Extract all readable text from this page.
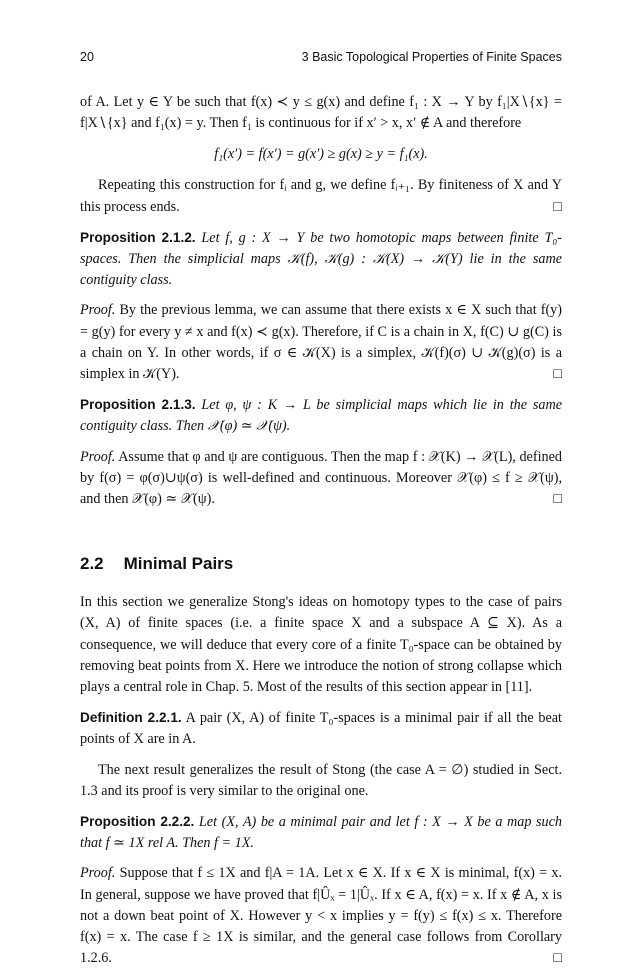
20	3 Basic Topological Properties of Finite Spaces

of A. Let y ∈ Y be such that f(x) ≺ y ≤ g(x) and define f₁ : X → Y by f₁|X∖{x} = f|X∖{x} and f₁(x) = y. Then f₁ is continuous for if x′ > x, x′ ∉ A and therefore

f₁(x′) = f(x′) = g(x′) ≥ g(x) ≥ y = f₁(x).

Repeating this construction for fᵢ and g, we define fᵢ₊₁. By finiteness of X and Y this process ends.	□

Proposition 2.1.2. Let f, g : X → Y be two homotopic maps between finite T₀-spaces. Then the simplicial maps 𝒦(f), 𝒦(g) : 𝒦(X) → 𝒦(Y) lie in the same contiguity class.

Proof. By the previous lemma, we can assume that there exists x ∈ X such that f(y) = g(y) for every y ≠ x and f(x) ≺ g(x). Therefore, if C is a chain in X, f(C) ∪ g(C) is a chain on Y. In other words, if σ ∈ 𝒦(X) is a simplex, 𝒦(f)(σ) ∪ 𝒦(g)(σ) is a simplex in 𝒦(Y).	□

Proposition 2.1.3. Let φ, ψ : K → L be simplicial maps which lie in the same contiguity class. Then 𝒳(φ) ≃ 𝒳(ψ).

Proof. Assume that φ and ψ are contiguous. Then the map f : 𝒳(K) → 𝒳(L), defined by f(σ) = φ(σ)∪ψ(σ) is well-defined and continuous. Moreover 𝒳(φ) ≤ f ≥ 𝒳(ψ), and then 𝒳(φ) ≃ 𝒳(ψ).	□

2.2 Minimal Pairs

In this section we generalize Stong's ideas on homotopy types to the case of pairs (X, A) of finite spaces (i.e. a finite space X and a subspace A ⊆ X). As a consequence, we will deduce that every core of a finite T₀-space can be obtained by removing beat points from X. Here we introduce the notion of strong collapse which plays a central role in Chap. 5. Most of the results of this section appear in [11].

Definition 2.2.1. A pair (X, A) of finite T₀-spaces is a minimal pair if all the beat points of X are in A.

The next result generalizes the result of Stong (the case A = ∅) studied in Sect. 1.3 and its proof is very similar to the original one.

Proposition 2.2.2. Let (X, A) be a minimal pair and let f : X → X be a map such that f ≃ 1X rel A. Then f = 1X.

Proof. Suppose that f ≤ 1X and f|A = 1A. Let x ∈ X. If x ∈ X is minimal, f(x) = x. In general, suppose we have proved that f|Ûₓ = 1|Ûₓ. If x ∈ A, f(x) = x. If x ∉ A, x is not a down beat point of X. However y < x implies y = f(y) ≤ f(x) ≤ x. Therefore f(x) = x. The case f ≥ 1X is similar, and the general case follows from Corollary 1.2.6.	□
